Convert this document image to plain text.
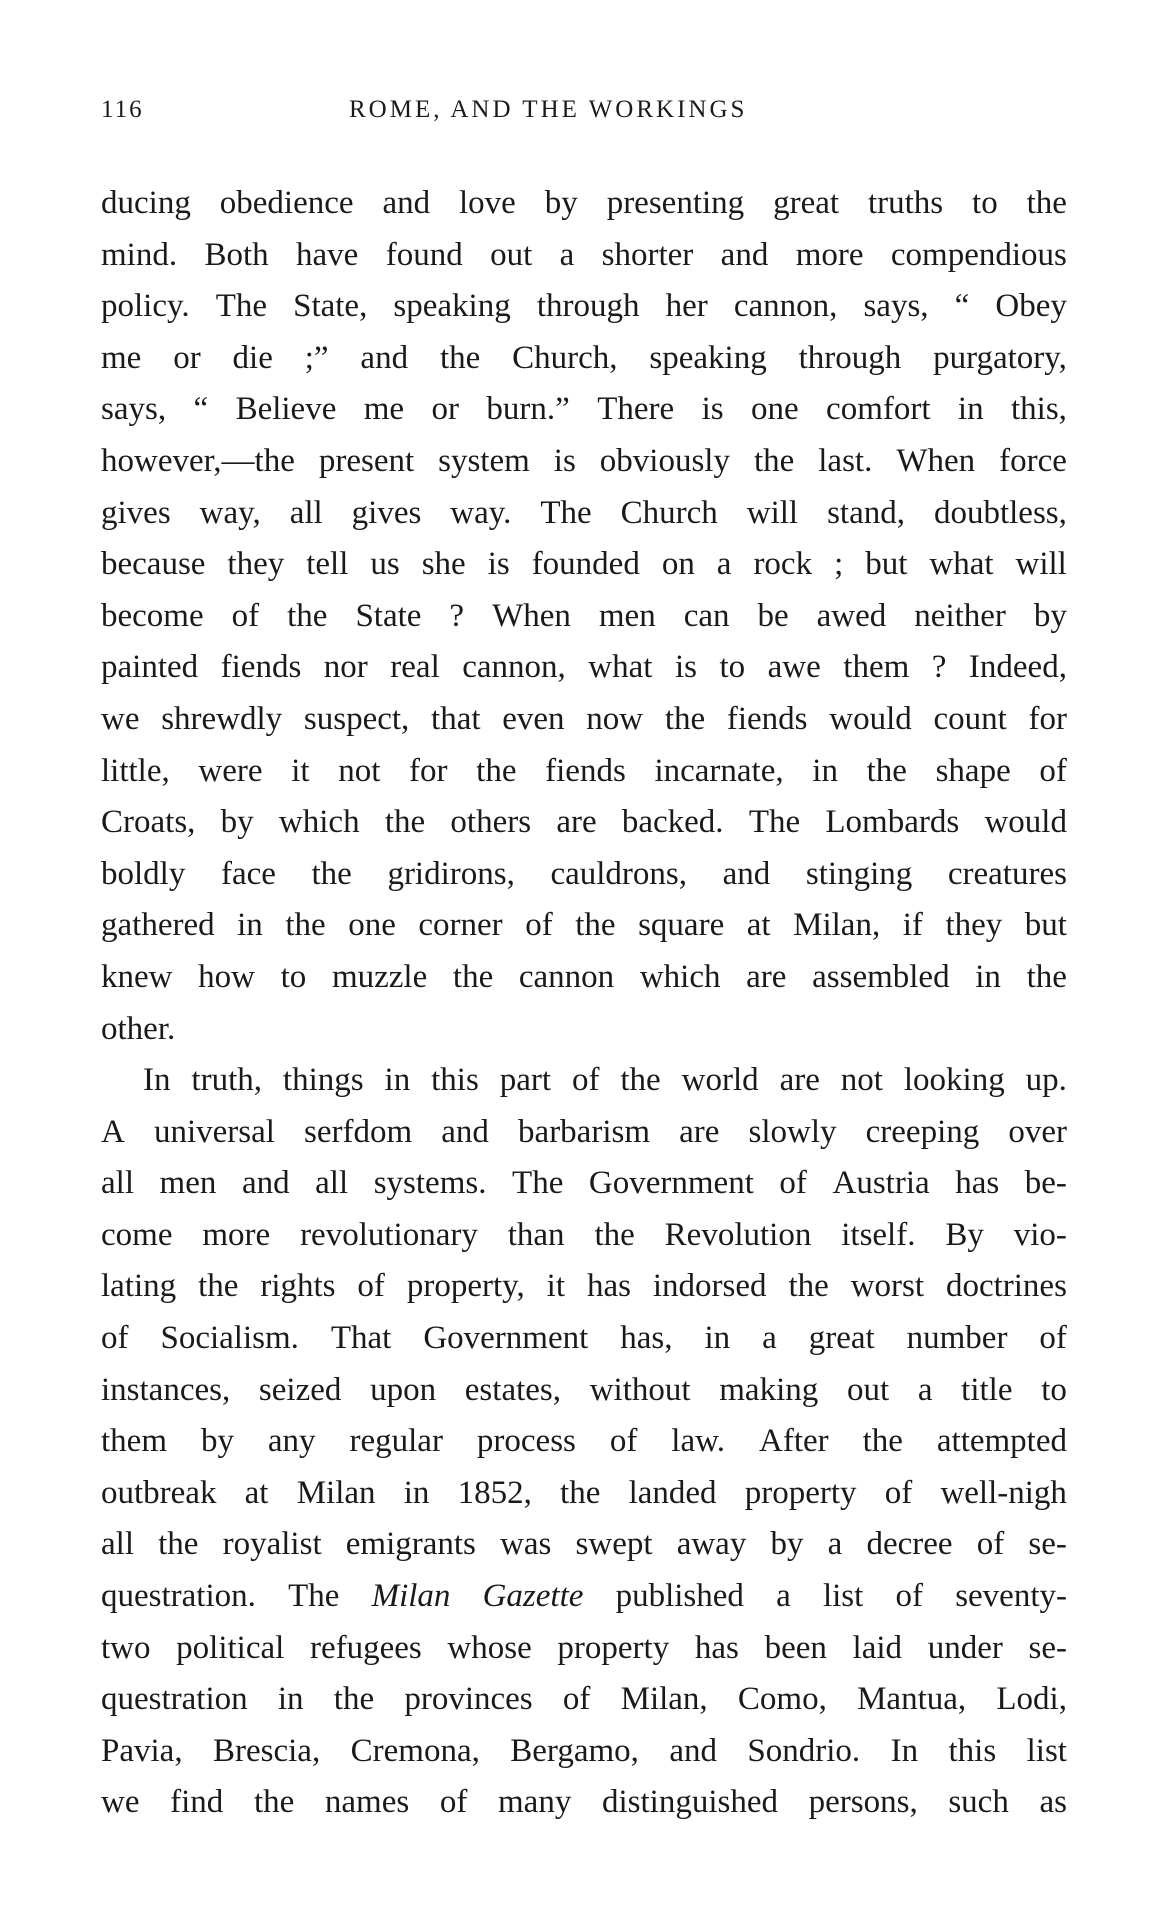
116	ROME, AND THE WORKINGS
ducing obedience and love by presenting great truths to the
mind. Both have found out a shorter and more compendious
policy. The State, speaking through her cannon, says, “ Obey
me or die ;” and the Church, speaking through purgatory,
says, “ Believe me or burn.” There is one comfort in this,
however,—the present system is obviously the last. When force
gives way, all gives way. The Church will stand, doubtless,
because they tell us she is founded on a rock ; but what will
become of the State ? When men can be awed neither by
painted fiends nor real cannon, what is to awe them ? Indeed,
we shrewdly suspect, that even now the fiends would count for
little, were it not for the fiends incarnate, in the shape of
Croats, by which the others are backed. The Lombards would
boldly face the gridirons, cauldrons, and stinging creatures
gathered in the one corner of the square at Milan, if they but
knew how to muzzle the cannon which are assembled in the
other.
In truth, things in this part of the world are not looking up.
A universal serfdom and barbarism are slowly creeping over
all men and all systems. The Government of Austria has be-
come more revolutionary than the Revolution itself. By vio-
lating the rights of property, it has indorsed the worst doctrines
of Socialism. That Government has, in a great number of
instances, seized upon estates, without making out a title to
them by any regular process of law. After the attempted
outbreak at Milan in 1852, the landed property of well-nigh
all the royalist emigrants was swept away by a decree of se-
questration. The Milan Gazette published a list of seventy-
two political refugees whose property has been laid under se-
questration in the provinces of Milan, Como, Mantua, Lodi,
Pavia, Brescia, Cremona, Bergamo, and Sondrio. In this list
we find the names of many distinguished persons, such as
